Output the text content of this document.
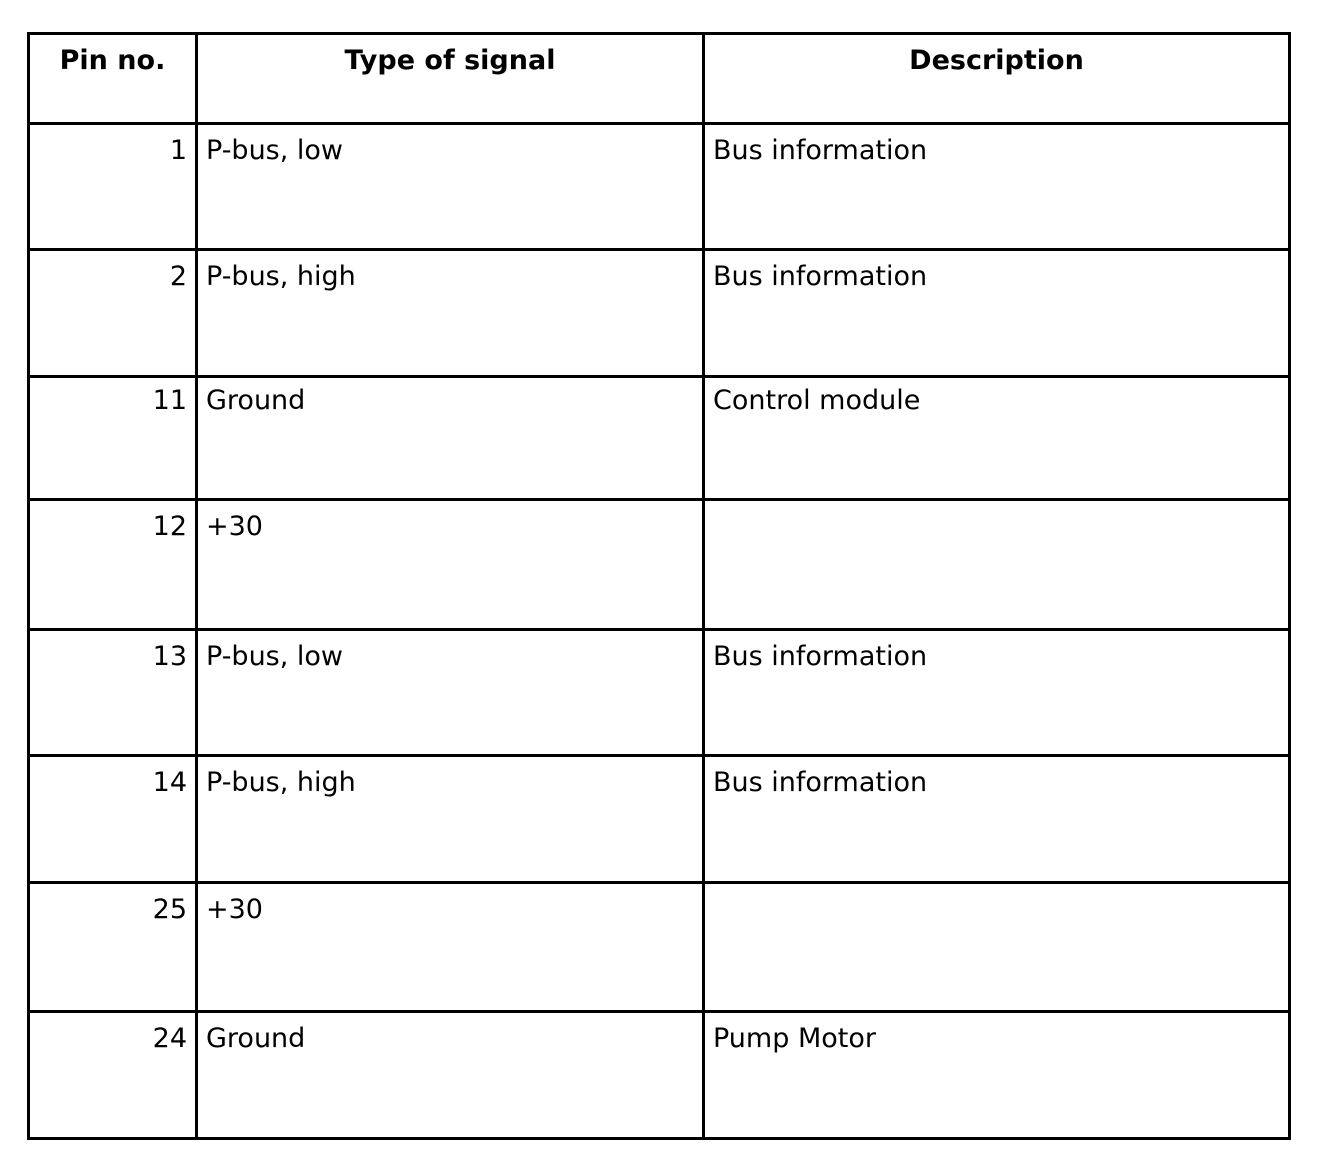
Pin no.	Type of signal	Description
1	P-bus, low	Bus information
2	P-bus, high	Bus information
11	Ground	Control module
12	+30	
13	P-bus, low	Bus information
14	P-bus, high	Bus information
25	+30	
24	Ground	Pump Motor
